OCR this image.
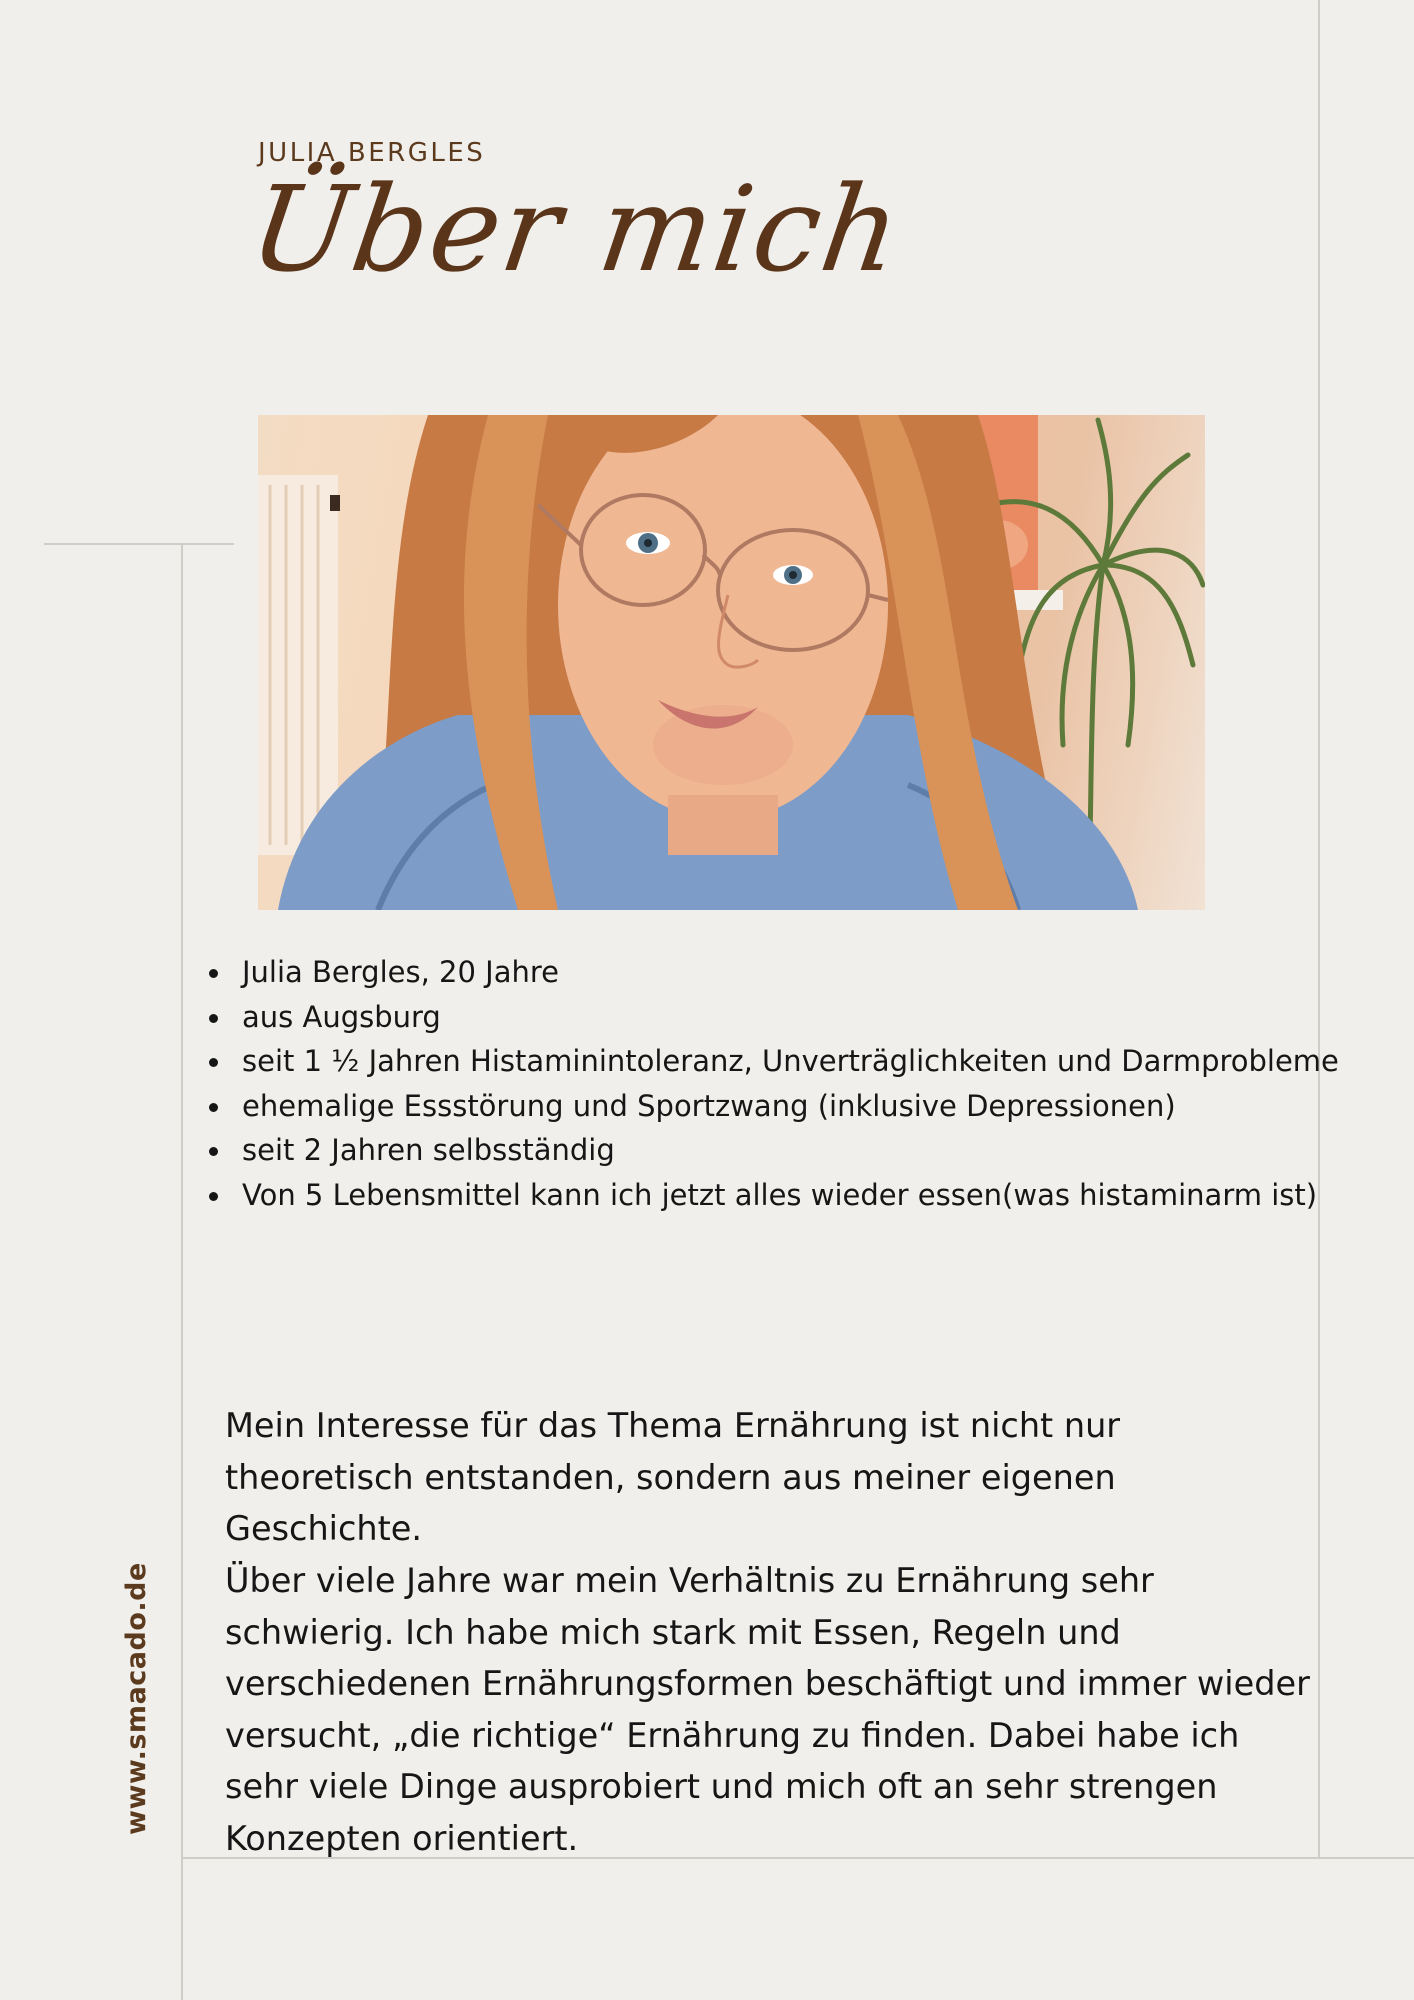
JULIA BERGLES

Über mich
Julia Bergles, 20 Jahre
aus Augsburg
seit 1 ½ Jahren Histaminintoleranz, Unverträglichkeiten und Darmprobleme
ehemalige Essstörung und Sportzwang (inklusive Depressionen)
seit 2 Jahren selbsständig
Von 5 Lebensmittel kann ich jetzt alles wieder essen(was histaminarm ist)

Mein Interesse für das Thema Ernährung ist nicht nur theoretisch entstanden, sondern aus meiner eigenen Geschichte.

Über viele Jahre war mein Verhältnis zu Ernährung sehr schwierig. Ich habe mich stark mit Essen, Regeln und verschiedenen Ernährungsformen beschäftigt und immer wieder versucht, „die richtige“ Ernährung zu finden. Dabei habe ich sehr viele Dinge ausprobiert und mich oft an sehr strengen Konzepten orientiert.

www.smacado.de
